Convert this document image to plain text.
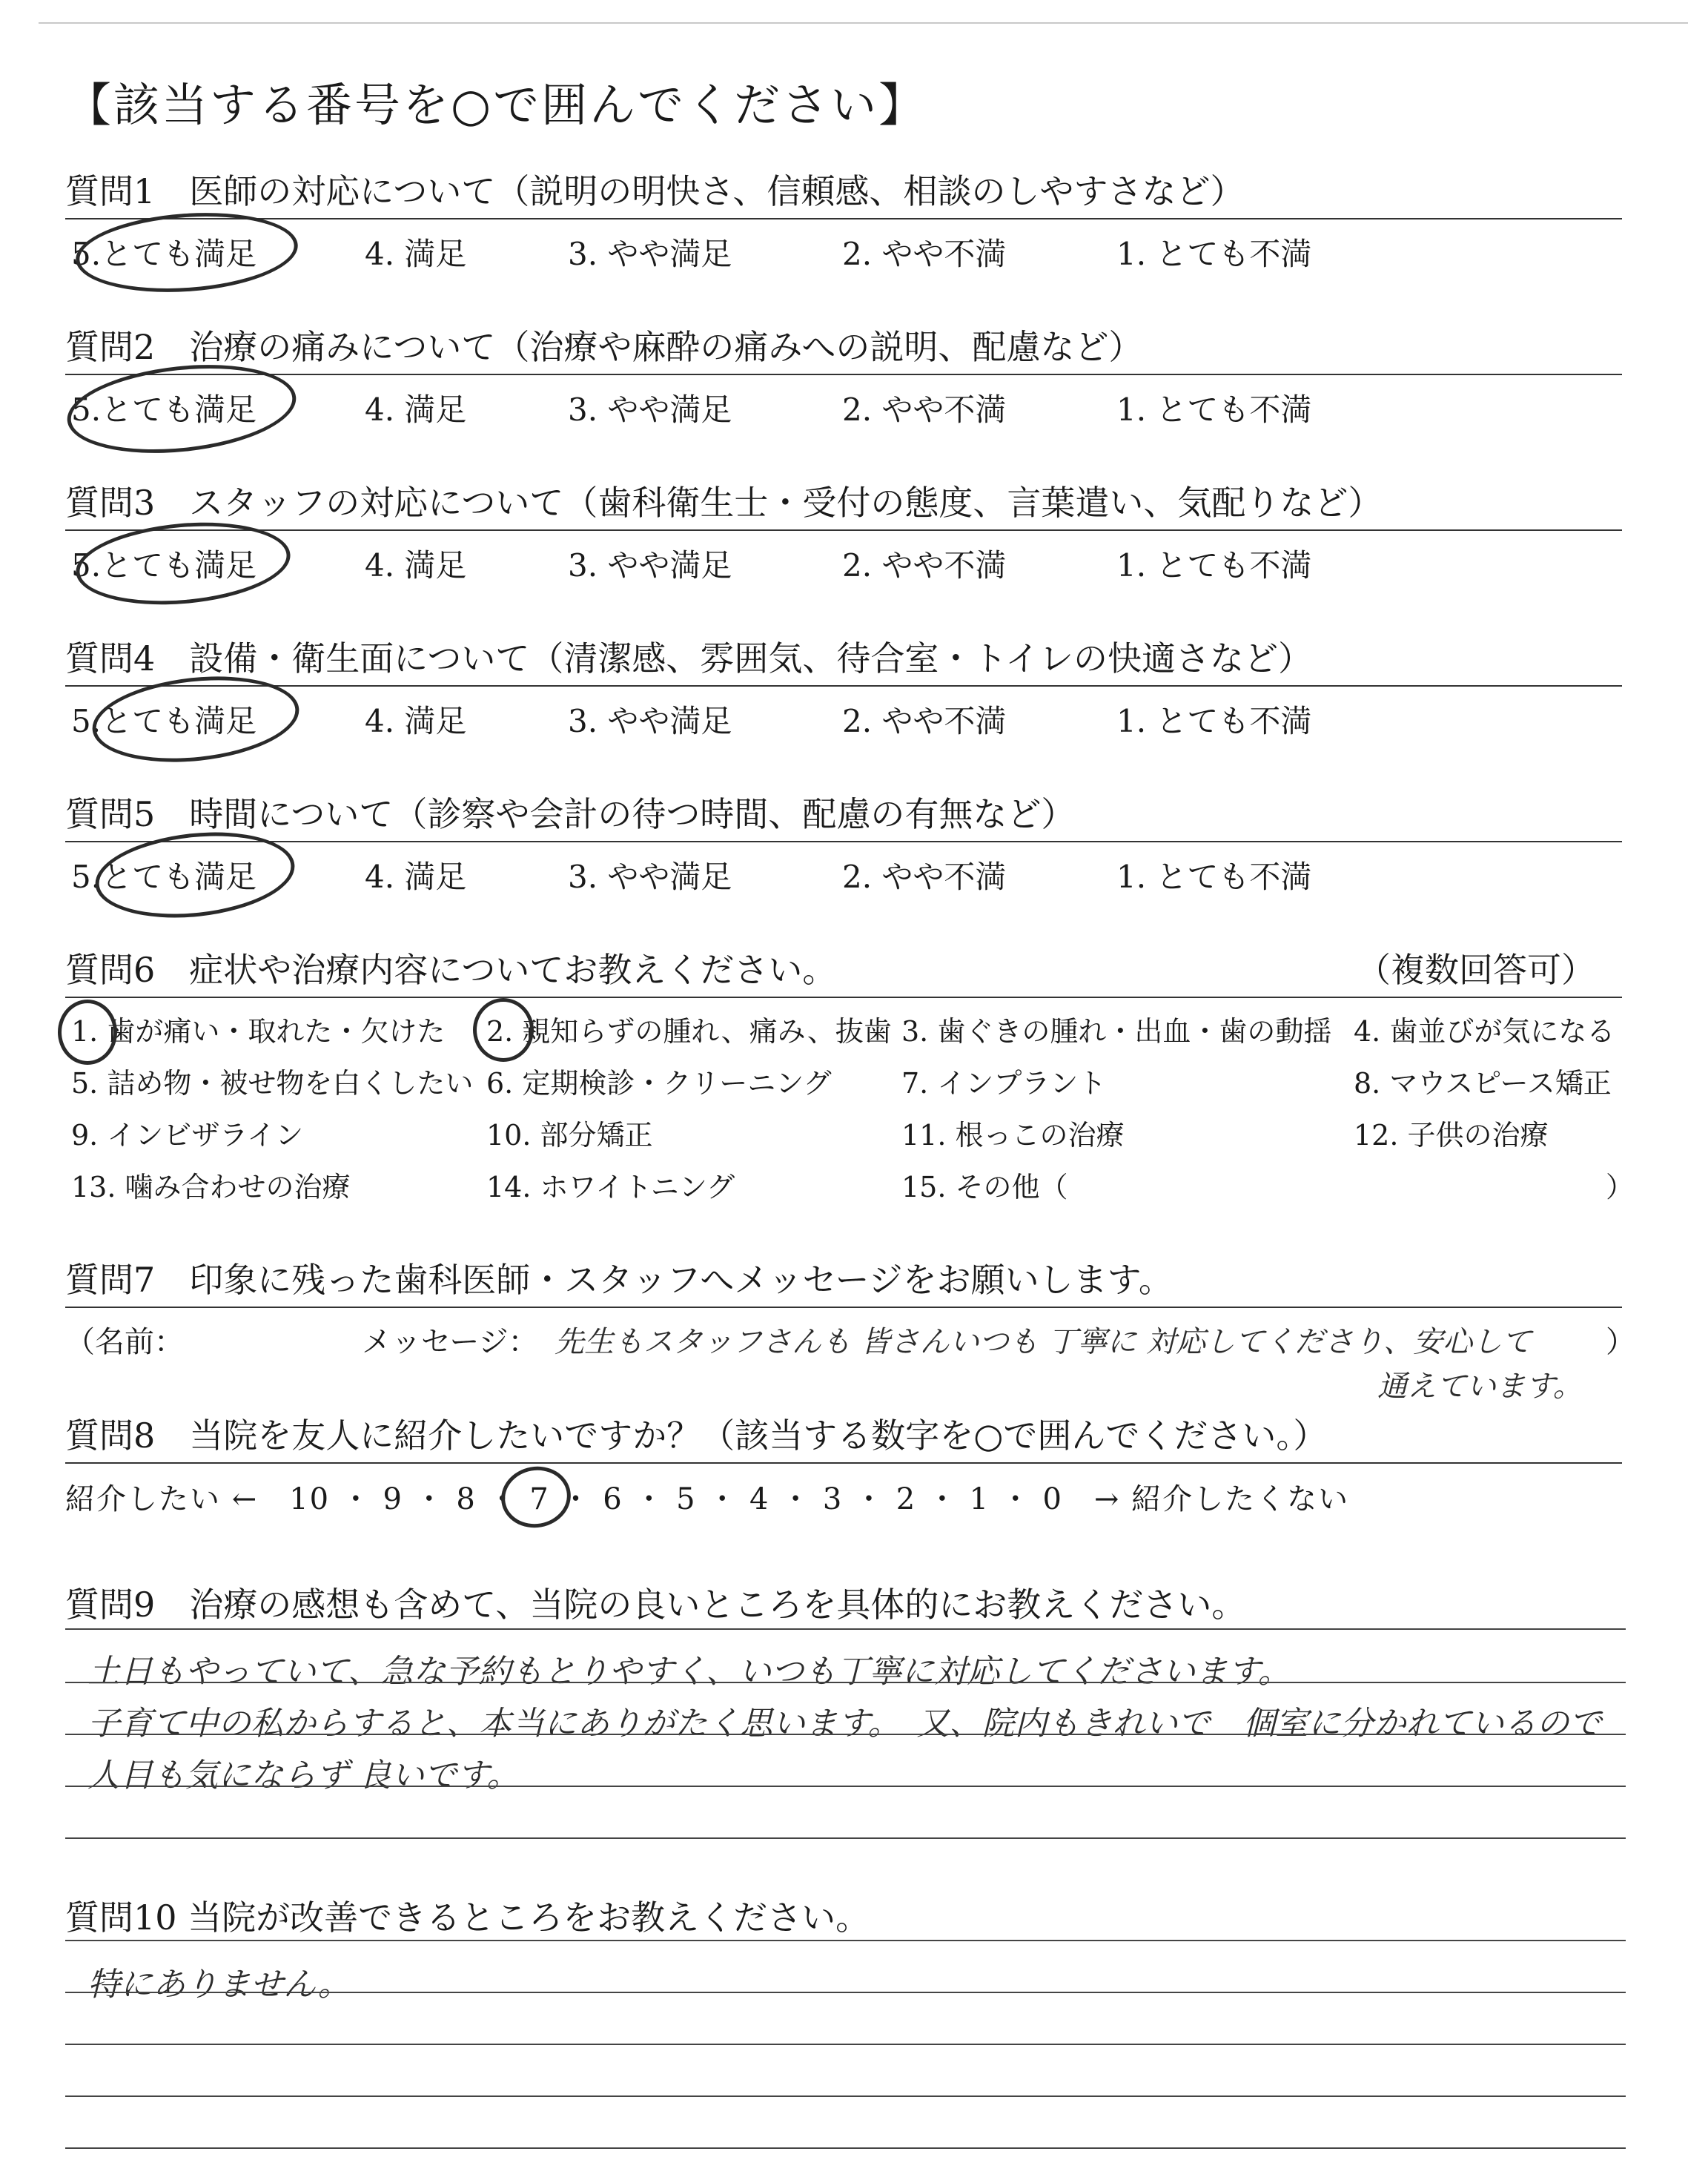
【該当する番号を○で囲んでください】
質問1　医師の対応について（説明の明快さ、信頼感、相談のしやすさなど）
5.とても満足	4. 満足	3. やや満足	2. やや不満	1. とても不満
質問2　治療の痛みについて（治療や麻酔の痛みへの説明、配慮など）
5.とても満足	4. 満足	3. やや満足	2. やや不満	1. とても不満
質問3　スタッフの対応について（歯科衛生士・受付の態度、言葉遣い、気配りなど）
5.とても満足	4. 満足	3. やや満足	2. やや不満	1. とても不満
質問4　設備・衛生面について（清潔感、雰囲気、待合室・トイレの快適さなど）
5.とても満足	4. 満足	3. やや満足	2. やや不満	1. とても不満
質問5　時間について（診察や会計の待つ時間、配慮の有無など）
5.とても満足	4. 満足	3. やや満足	2. やや不満	1. とても不満
質問6　症状や治療内容についてお教えください。	（複数回答可）
1. 歯が痛い・取れた・欠けた 2. 親知らずの腫れ、痛み、抜歯 3. 歯ぐきの腫れ・出血・歯の動揺 4. 歯並びが気になる
5. 詰め物・被せ物を白くしたい 6. 定期検診・クリーニング 7. インプラント	8. マウスピース矯正
9. インビザライン	10. 部分矯正	11. 根っこの治療	12. 子供の治療
13. 噛み合わせの治療	14. ホワイトニング	15. その他（	）
質問7　印象に残った歯科医師・スタッフへメッセージをお願いします。
（名前：	メッセージ：	）
先生もスタッフさんも 皆さんいつも 丁寧に 対応してくださり、安心して
通えています。
質問8　当院を友人に紹介したいですか？（該当する数字を○で囲んでください。）
紹介したい ←　10 ・ 9 ・ 8 ・ 7 ・ 6 ・ 5 ・ 4 ・ 3 ・ 2 ・ 1 ・ 0　→ 紹介したくない
質問9　治療の感想も含めて、当院の良いところを具体的にお教えください。
土日もやっていて、急な予約もとりやすく、いつも丁寧に対応してくださいます。
子育て中の私からすると、本当にありがたく思います。　又、院内もきれいで　個室に分かれているので
人目も気にならず 良いです。
質問10 当院が改善できるところをお教えください。
特にありません。
